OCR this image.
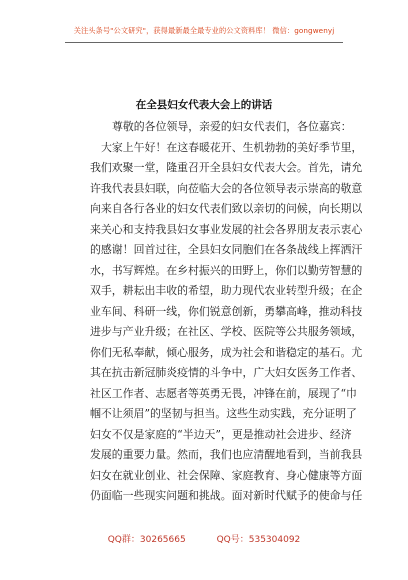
关注头条号"公文研究"，获得最新最全最专业的公文资料库！ 微信：gongwenyj
在全县妇女代表大会上的讲话
尊敬的各位领导，亲爱的妇女代表们，各位嘉宾：
大家上午好！在这春暖花开、生机勃勃的美好季节里，
我们欢聚一堂，隆重召开全县妇女代表大会。首先，请允
许我代表县妇联，向莅临大会的各位领导表示崇高的敬意
向来自各行各业的妇女代表们致以亲切的问候，向长期以
来关心和支持我县妇女事业发展的社会各界朋友表示衷心
的感谢！回首过往，全县妇女同胞们在各条战线上挥洒汗
水，书写辉煌。在乡村振兴的田野上，你们以勤劳智慧的
双手，耕耘出丰收的希望，助力现代农业转型升级；在企
业车间、科研一线，你们锐意创新，勇攀高峰，推动科技
进步与产业升级；在社区、学校、医院等公共服务领域，
你们无私奉献，倾心服务，成为社会和谐稳定的基石。尤
其在抗击新冠肺炎疫情的斗争中，广大妇女医务工作者、
社区工作者、志愿者等英勇无畏，冲锋在前，展现了“巾
帼不让须眉”的坚韧与担当。这些生动实践，充分证明了
妇女不仅是家庭的“半边天”，更是推动社会进步、经济
发展的重要力量。然而，我们也应清醒地看到，当前我县
妇女在就业创业、社会保障、家庭教育、身心健康等方面
仍面临一些现实问题和挑战。面对新时代赋予的使命与任
QQ群：30265665	QQ号：535304092
